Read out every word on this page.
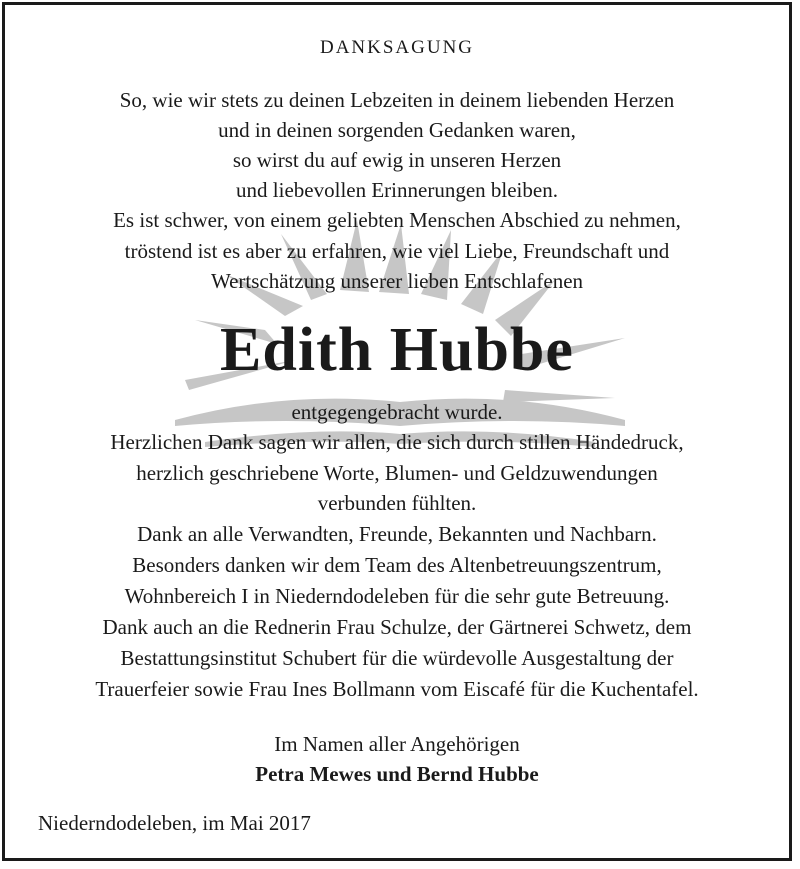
DANKSAGUNG
So, wie wir stets zu deinen Lebzeiten in deinem liebenden Herzen
und in deinen sorgenden Gedanken waren,
so wirst du auf ewig in unseren Herzen
und liebevollen Erinnerungen bleiben.
Es ist schwer, von einem geliebten Menschen Abschied zu nehmen,
tröstend ist es aber zu erfahren, wie viel Liebe, Freundschaft und
Wertschätzung unserer lieben Entschlafenen
Edith Hubbe
entgegengebracht wurde.
Herzlichen Dank sagen wir allen, die sich durch stillen Händedruck,
herzlich geschriebene Worte, Blumen- und Geldzuwendungen
verbunden fühlten.
Dank an alle Verwandten, Freunde, Bekannten und Nachbarn.
Besonders danken wir dem Team des Altenbetreuungszentrum,
Wohnbereich I in Niederndodeleben für die sehr gute Betreuung.
Dank auch an die Rednerin Frau Schulze, der Gärtnerei Schwetz, dem
Bestattungsinstitut Schubert für die würdevolle Ausgestaltung der
Trauerfeier sowie Frau Ines Bollmann vom Eiscafé für die Kuchentafel.
Im Namen aller Angehörigen
Petra Mewes und Bernd Hubbe
Niederndodeleben, im Mai 2017
